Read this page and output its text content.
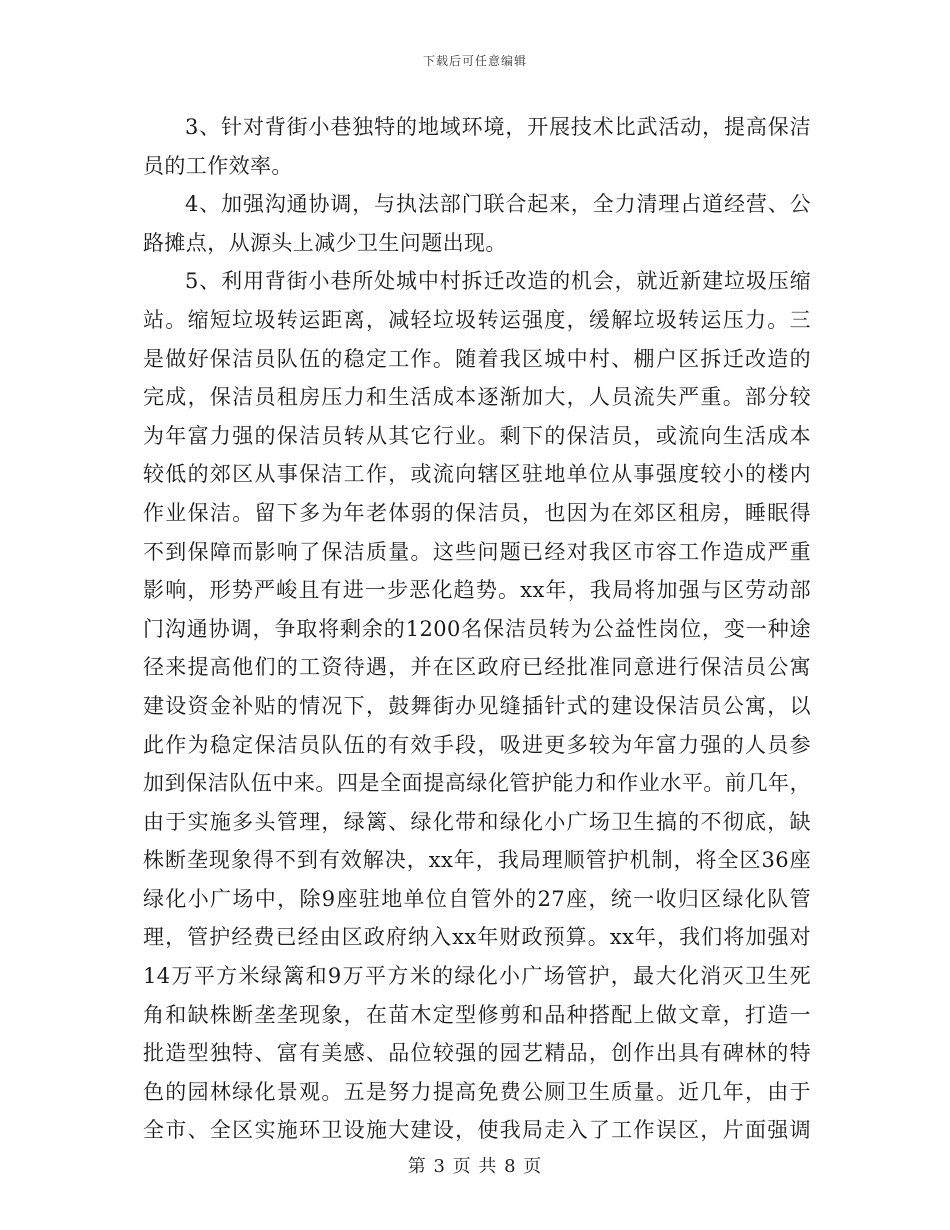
下载后可任意编辑
3、针对背街小巷独特的地域环境，开展技术比武活动，提高保洁
员的工作效率。
4、加强沟通协调，与执法部门联合起来，全力清理占道经营、公
路摊点，从源头上减少卫生问题出现。
5、利用背街小巷所处城中村拆迁改造的机会，就近新建垃圾压缩
站。缩短垃圾转运距离，减轻垃圾转运强度，缓解垃圾转运压力。三
是做好保洁员队伍的稳定工作。随着我区城中村、棚户区拆迁改造的
完成，保洁员租房压力和生活成本逐渐加大，人员流失严重。部分较
为年富力强的保洁员转从其它行业。剩下的保洁员，或流向生活成本
较低的郊区从事保洁工作，或流向辖区驻地单位从事强度较小的楼内
作业保洁。留下多为年老体弱的保洁员，也因为在郊区租房，睡眠得
不到保障而影响了保洁质量。这些问题已经对我区市容工作造成严重
影响，形势严峻且有进一步恶化趋势。xx年，我局将加强与区劳动部
门沟通协调，争取将剩余的1200名保洁员转为公益性岗位，变一种途
径来提高他们的工资待遇，并在区政府已经批准同意进行保洁员公寓
建设资金补贴的情况下，鼓舞街办见缝插针式的建设保洁员公寓，以
此作为稳定保洁员队伍的有效手段，吸进更多较为年富力强的人员参
加到保洁队伍中来。四是全面提高绿化管护能力和作业水平。前几年，
由于实施多头管理，绿篱、绿化带和绿化小广场卫生搞的不彻底，缺
株断垄现象得不到有效解决，xx年，我局理顺管护机制，将全区36座
绿化小广场中，除9座驻地单位自管外的27座，统一收归区绿化队管
理，管护经费已经由区政府纳入xx年财政预算。xx年，我们将加强对
14万平方米绿篱和9万平方米的绿化小广场管护，最大化消灭卫生死
角和缺株断垄垄现象，在苗木定型修剪和品种搭配上做文章，打造一
批造型独特、富有美感、品位较强的园艺精品，创作出具有碑林的特
色的园林绿化景观。五是努力提高免费公厕卫生质量。近几年，由于
全市、全区实施环卫设施大建设，使我局走入了工作误区，片面强调
第 3 页 共 8 页
